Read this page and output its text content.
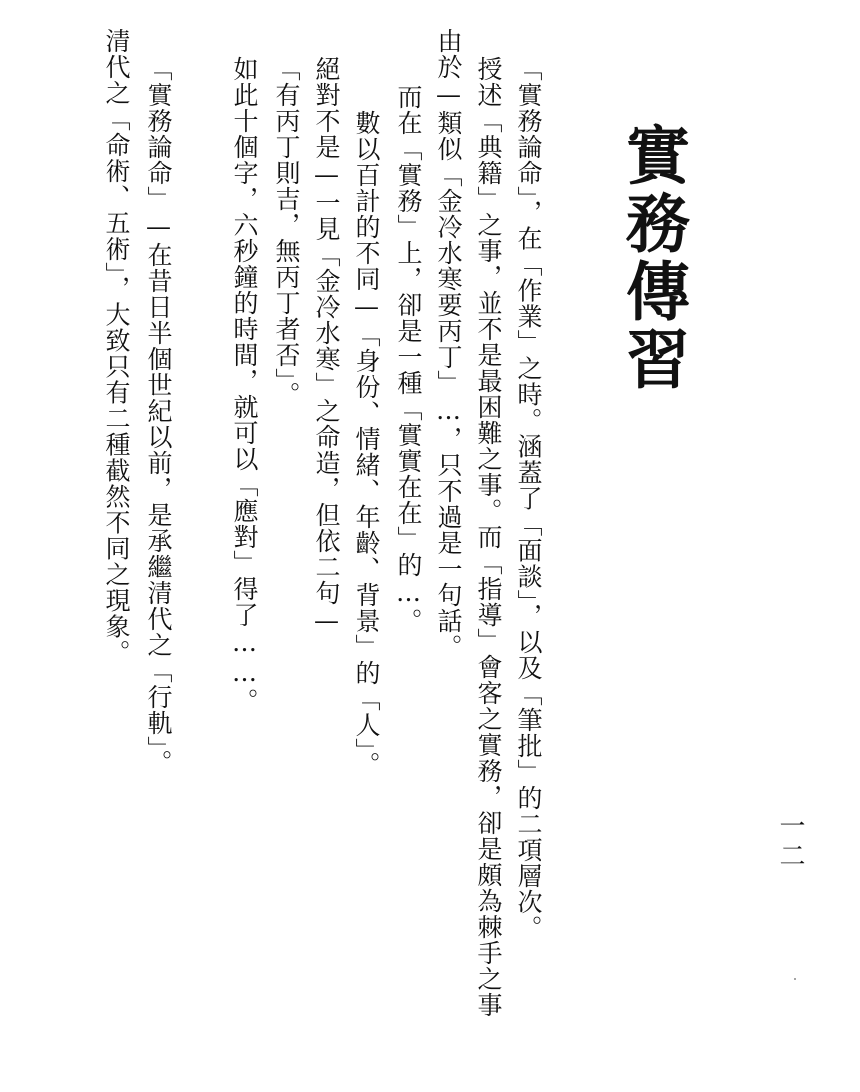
實務傳習
「實務論命」，在「作業」之時。涵蓋了「面談」，以及「筆批」的二項層次。
授述「典籍」之事，並不是最困難之事。而「指導」會客之實務，卻是頗為棘手之事
由於—類似「金冷水寒要丙丁」…，只不過是一句話。
而在「實務」上，卻是一種「實實在在」的…。
數以百計的不同—「身份、情緒、年齡、背景」的「人」。
絕對不是—一見「金冷水寒」之命造，但依二句—
「有丙丁則吉，無丙丁者否」。
如此十個字，六秒鐘的時間，就可以「應對」得了……。
「實務論命」—在昔日半個世紀以前，是承繼清代之「行軌」。
清代之「命術、五術」，大致只有二種截然不同之現象。
一二
